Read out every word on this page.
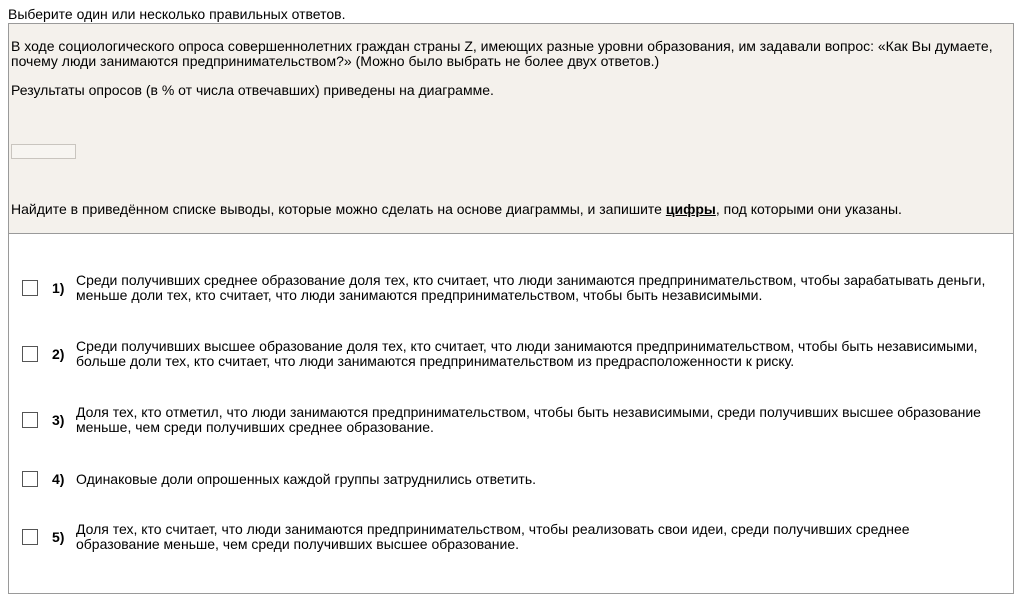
Выберите один или несколько правильных ответов.

В ходе социологического опроса совершеннолетних граждан страны Z, имеющих разные уровни образования, им задавали вопрос: «Как Вы думаете, почему люди занимаются предпринимательством?» (Можно было выбрать не более двух ответов.)

Результаты опросов (в % от числа отвечавших) приведены на диаграмме.

Найдите в приведённом списке выводы, которые можно сделать на основе диаграммы, и запишите цифры, под которыми они указаны.

1) Среди получивших среднее образование доля тех, кто считает, что люди занимаются предпринимательством, чтобы зарабатывать деньги, меньше доли тех, кто считает, что люди занимаются предпринимательством, чтобы быть независимыми.
2) Среди получивших высшее образование доля тех, кто считает, что люди занимаются предпринимательством, чтобы быть независимыми, больше доли тех, кто считает, что люди занимаются предпринимательством из предрасположенности к риску.
3) Доля тех, кто отметил, что люди занимаются предпринимательством, чтобы быть независимыми, среди получивших высшее образование меньше, чем среди получивших среднее образование.
4) Одинаковые доли опрошенных каждой группы затруднились ответить.
5) Доля тех, кто считает, что люди занимаются предпринимательством, чтобы реализовать свои идеи, среди получивших среднее образование меньше, чем среди получивших высшее образование.
